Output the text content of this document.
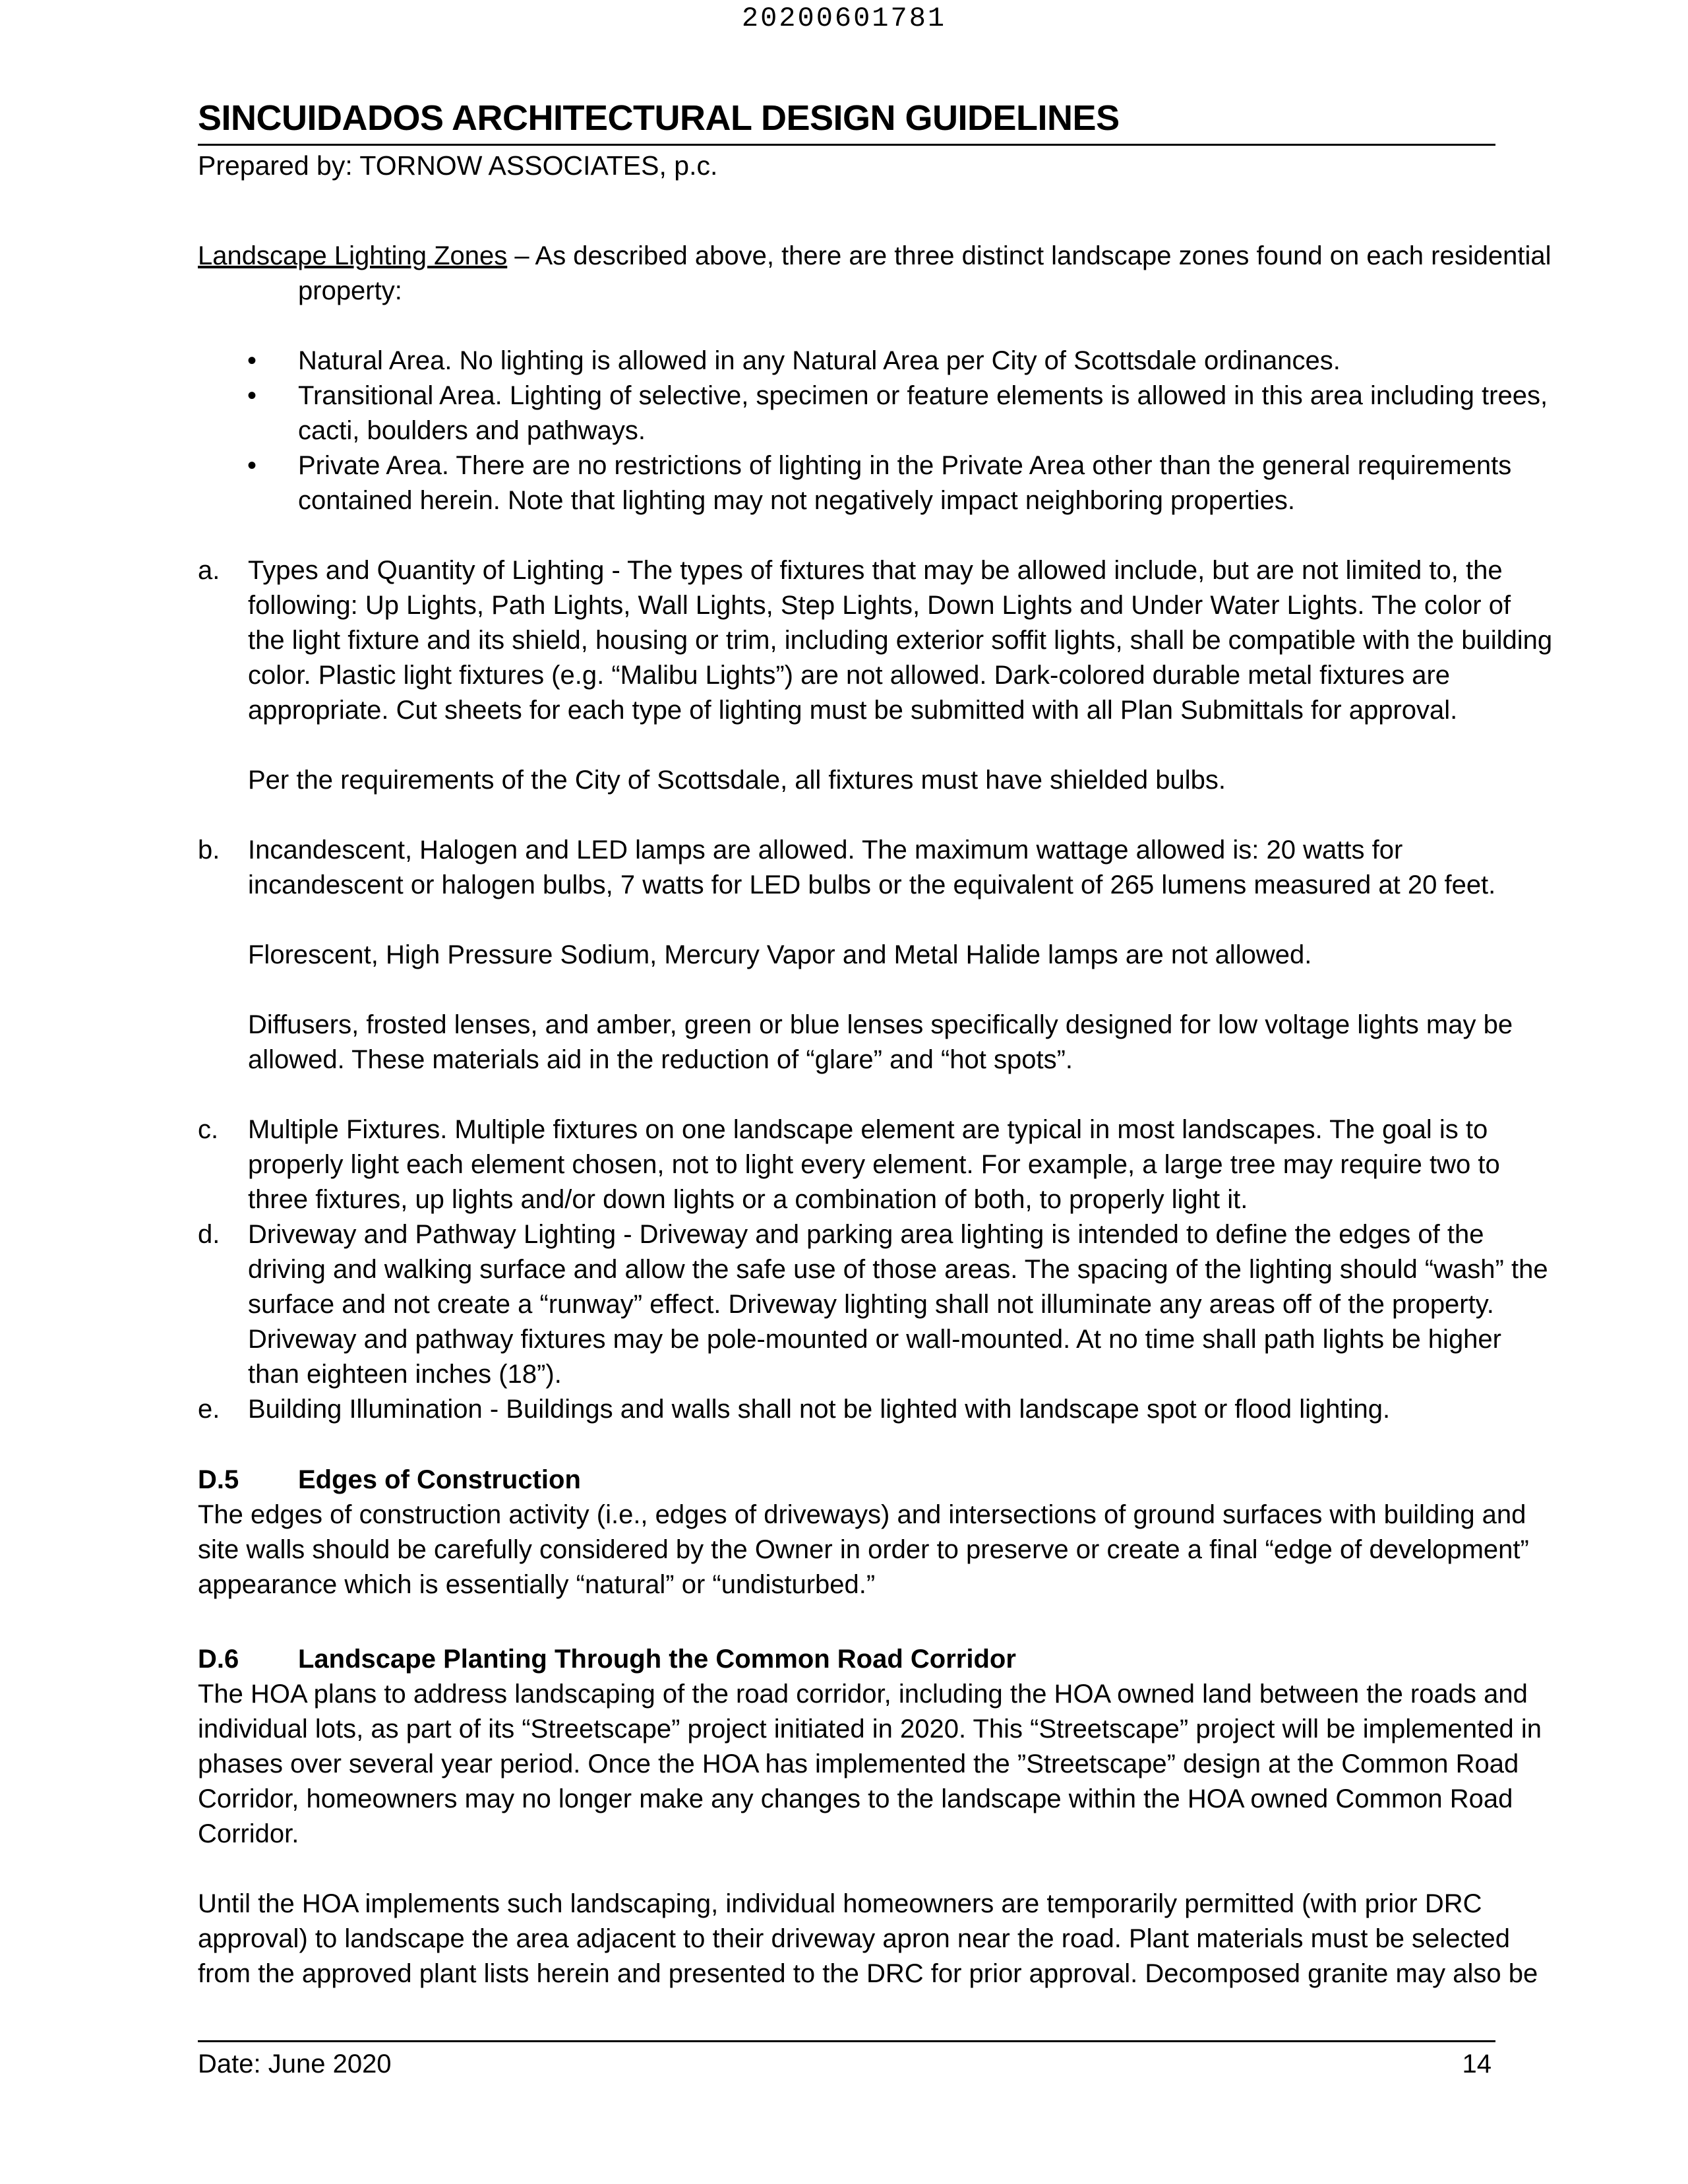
20200601781
SINCUIDADOS ARCHITECTURAL DESIGN GUIDELINES
Prepared by: TORNOW ASSOCIATES, p.c.
Landscape Lighting Zones – As described above, there are three distinct landscape zones found on each residential
property:
• Natural Area. No lighting is allowed in any Natural Area per City of Scottsdale ordinances.
• Transitional Area. Lighting of selective, specimen or feature elements is allowed in this area including trees,
cacti, boulders and pathways.
• Private Area. There are no restrictions of lighting in the Private Area other than the general requirements
contained herein. Note that lighting may not negatively impact neighboring properties.
a. Types and Quantity of Lighting - The types of fixtures that may be allowed include, but are not limited to, the
following: Up Lights, Path Lights, Wall Lights, Step Lights, Down Lights and Under Water Lights. The color of
the light fixture and its shield, housing or trim, including exterior soffit lights, shall be compatible with the building
color. Plastic light fixtures (e.g. “Malibu Lights”) are not allowed. Dark-colored durable metal fixtures are
appropriate. Cut sheets for each type of lighting must be submitted with all Plan Submittals for approval.
Per the requirements of the City of Scottsdale, all fixtures must have shielded bulbs.
b. Incandescent, Halogen and LED lamps are allowed. The maximum wattage allowed is: 20 watts for
incandescent or halogen bulbs, 7 watts for LED bulbs or the equivalent of 265 lumens measured at 20 feet.
Florescent, High Pressure Sodium, Mercury Vapor and Metal Halide lamps are not allowed.
Diffusers, frosted lenses, and amber, green or blue lenses specifically designed for low voltage lights may be
allowed. These materials aid in the reduction of “glare” and “hot spots”.
c. Multiple Fixtures. Multiple fixtures on one landscape element are typical in most landscapes. The goal is to
properly light each element chosen, not to light every element. For example, a large tree may require two to
three fixtures, up lights and/or down lights or a combination of both, to properly light it.
d. Driveway and Pathway Lighting - Driveway and parking area lighting is intended to define the edges of the
driving and walking surface and allow the safe use of those areas. The spacing of the lighting should “wash” the
surface and not create a “runway” effect. Driveway lighting shall not illuminate any areas off of the property.
Driveway and pathway fixtures may be pole-mounted or wall-mounted. At no time shall path lights be higher
than eighteen inches (18”).
e. Building Illumination - Buildings and walls shall not be lighted with landscape spot or flood lighting.
D.5 Edges of Construction
The edges of construction activity (i.e., edges of driveways) and intersections of ground surfaces with building and
site walls should be carefully considered by the Owner in order to preserve or create a final “edge of development”
appearance which is essentially “natural” or “undisturbed.”
D.6 Landscape Planting Through the Common Road Corridor
The HOA plans to address landscaping of the road corridor, including the HOA owned land between the roads and
individual lots, as part of its “Streetscape” project initiated in 2020. This “Streetscape” project will be implemented in
phases over several year period. Once the HOA has implemented the ”Streetscape” design at the Common Road
Corridor, homeowners may no longer make any changes to the landscape within the HOA owned Common Road
Corridor.
Until the HOA implements such landscaping, individual homeowners are temporarily permitted (with prior DRC
approval) to landscape the area adjacent to their driveway apron near the road. Plant materials must be selected
from the approved plant lists herein and presented to the DRC for prior approval. Decomposed granite may also be
Date: June 2020	14
